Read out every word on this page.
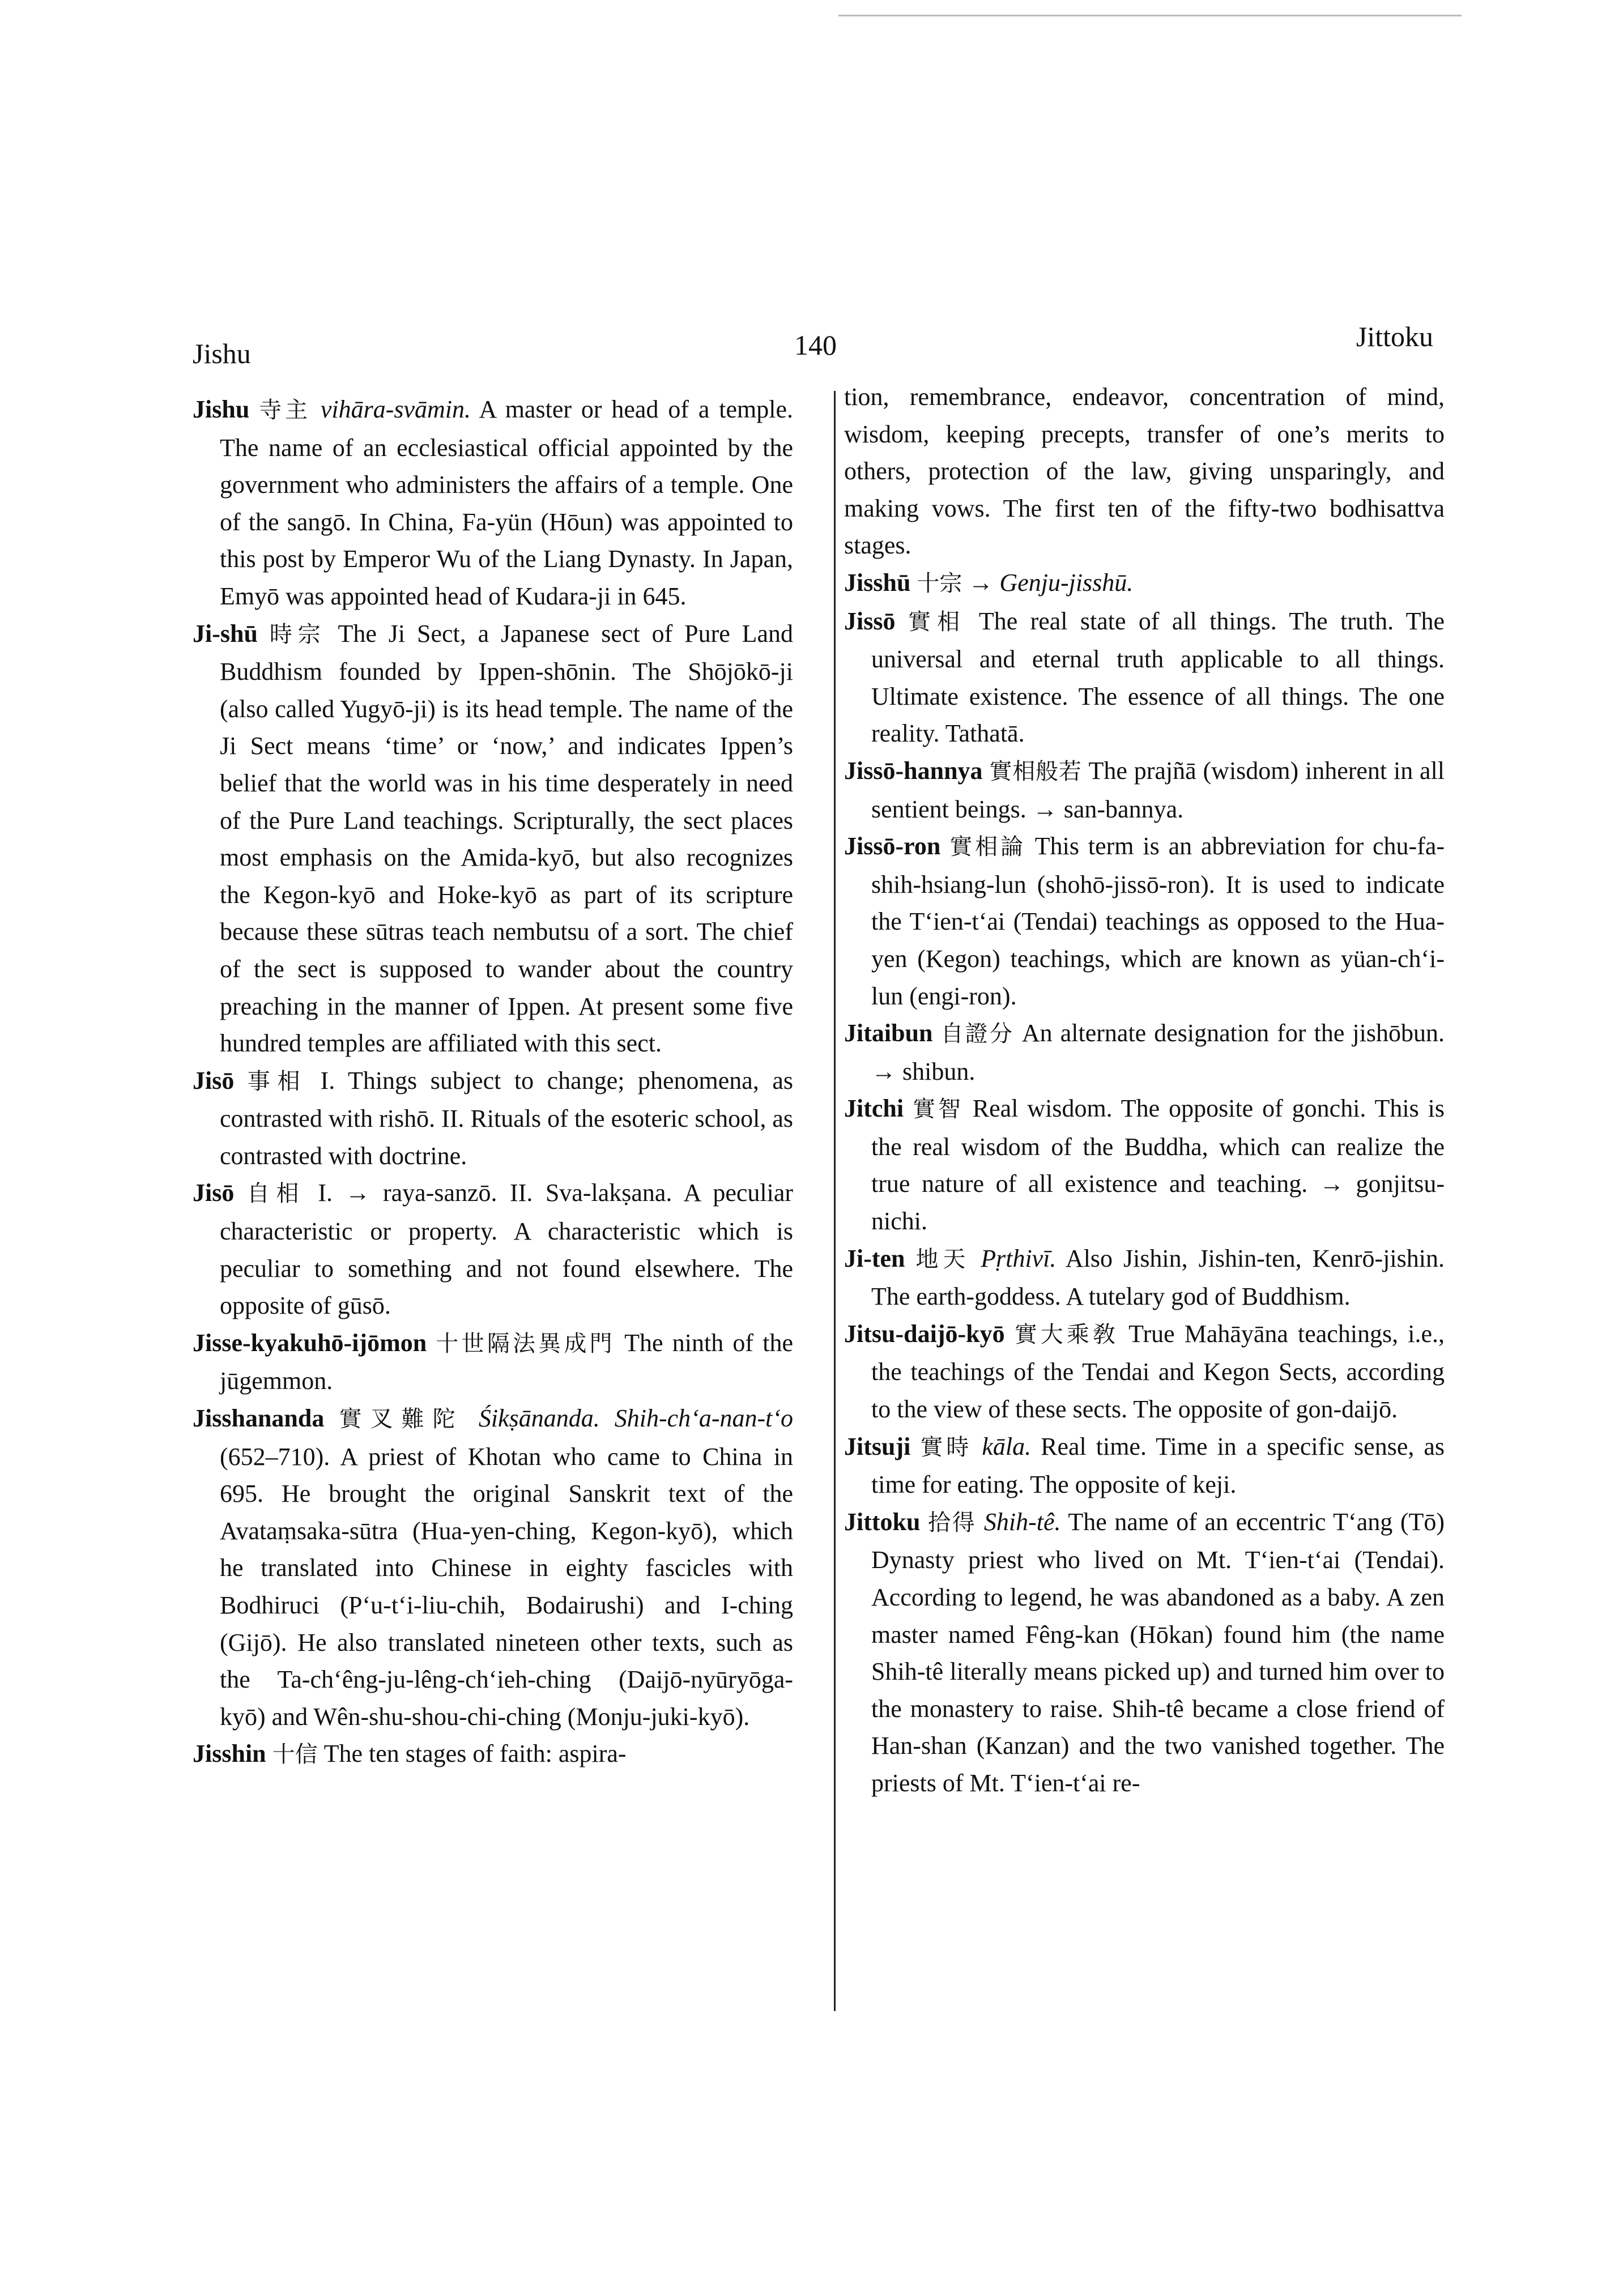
Jishu	140	Jittoku

Jishu 寺主 vihāra-svāmin. A master or head of a temple. The name of an ecclesiastical official appointed by the government who administers the affairs of a temple. One of the sangō. In China, Fa-yün (Hōun) was appointed to this post by Emperor Wu of the Liang Dynasty. In Japan, Emyō was appointed head of Kudara-ji in 645.

Ji-shū 時宗 The Ji Sect, a Japanese sect of Pure Land Buddhism founded by Ippen-shōnin. The Shōjōkō-ji (also called Yugyō-ji) is its head temple. The name of the Ji Sect means ‘time’ or ‘now,’ and indicates Ippen’s belief that the world was in his time desperately in need of the Pure Land teachings. Scripturally, the sect places most emphasis on the Amida-kyō, but also recognizes the Kegon-kyō and Hoke-kyō as part of its scripture because these sūtras teach nembutsu of a sort. The chief of the sect is supposed to wander about the country preaching in the manner of Ippen. At present some five hundred temples are affiliated with this sect.

Jisō 事相 I. Things subject to change; phenomena, as contrasted with rishō. II. Rituals of the esoteric school, as contrasted with doctrine.

Jisō 自相 I. → raya-sanzō. II. Sva-lakṣana. A peculiar characteristic or property. A characteristic which is peculiar to something and not found elsewhere. The opposite of gūsō.

Jisse-kyakuhō-ijōmon 十世隔法異成門 The ninth of the jūgemmon.

Jisshananda 實叉難陀 Śikṣānanda. Shih-ch‘a-nan-t‘o (652–710). A priest of Khotan who came to China in 695. He brought the original Sanskrit text of the Avataṃsaka-sūtra (Hua-yen-ching, Kegon-kyō), which he translated into Chinese in eighty fascicles with Bodhiruci (P‘u-t‘i-liu-chih, Bodairushi) and I-ching (Gijō). He also translated nineteen other texts, such as the Ta-ch‘êng-ju-lêng-ch‘ieh-ching (Daijō-nyūryōga-kyō) and Wên-shu-shou-chi-ching (Monju-juki-kyō).

Jisshin 十信 The ten stages of faith: aspira-

tion, remembrance, endeavor, concentration of mind, wisdom, keeping precepts, transfer of one’s merits to others, protection of the law, giving unsparingly, and making vows. The first ten of the fifty-two bodhisattva stages.

Jisshū 十宗 → Genju-jisshū.

Jissō 實相 The real state of all things. The truth. The universal and eternal truth applicable to all things. Ultimate existence. The essence of all things. The one reality. Tathatā.

Jissō-hannya 實相般若 The prajñā (wisdom) inherent in all sentient beings. → san-bannya.

Jissō-ron 實相論 This term is an abbreviation for chu-fa-shih-hsiang-lun (shohō-jissō-ron). It is used to indicate the T‘ien-t‘ai (Tendai) teachings as opposed to the Hua-yen (Kegon) teachings, which are known as yüan-ch‘i-lun (engi-ron).

Jitaibun 自證分 An alternate designation for the jishōbun. → shibun.

Jitchi 實智 Real wisdom. The opposite of gonchi. This is the real wisdom of the Buddha, which can realize the true nature of all existence and teaching. → gonjitsu-nichi.

Ji-ten 地天 Pṛthivī. Also Jishin, Jishin-ten, Kenrō-jishin. The earth-goddess. A tutelary god of Buddhism.

Jitsu-daijō-kyō 實大乘敎 True Mahāyāna teachings, i.e., the teachings of the Tendai and Kegon Sects, according to the view of these sects. The opposite of gon-daijō.

Jitsuji 實時 kāla. Real time. Time in a specific sense, as time for eating. The opposite of keji.

Jittoku 拾得 Shih-tê. The name of an eccentric T‘ang (Tō) Dynasty priest who lived on Mt. T‘ien-t‘ai (Tendai). According to legend, he was abandoned as a baby. A zen master named Fêng-kan (Hōkan) found him (the name Shih-tê literally means picked up) and turned him over to the monastery to raise. Shih-tê became a close friend of Han-shan (Kanzan) and the two vanished together. The priests of Mt. T‘ien-t‘ai re-
